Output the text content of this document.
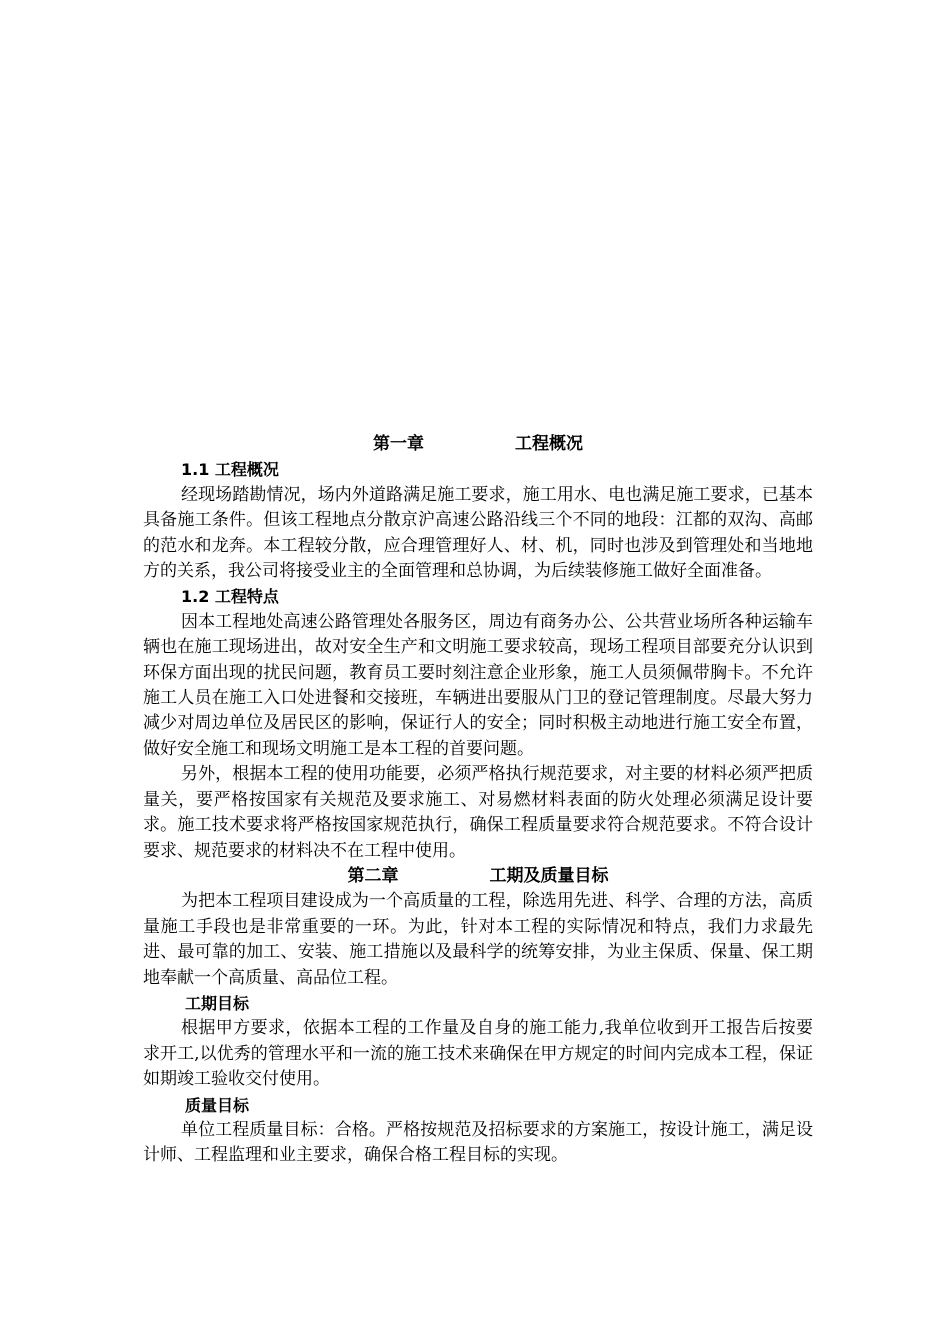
第一章		工程概况
1.1 工程概况

经现场踏勘情况，场内外道路满足施工要求，施工用水、电也满足施工要求，已基本具备施工条件。但该工程地点分散京沪高速公路沿线三个不同的地段：江都的双沟、高邮的范水和龙奔。本工程较分散，应合理管理好人、材、机，同时也涉及到管理处和当地地方的关系，我公司将接受业主的全面管理和总协调，为后续装修施工做好全面准备。

1.2 工程特点

因本工程地处高速公路管理处各服务区，周边有商务办公、公共营业场所各种运输车辆也在施工现场进出，故对安全生产和文明施工要求较高，现场工程项目部要充分认识到环保方面出现的扰民问题，教育员工要时刻注意企业形象，施工人员须佩带胸卡。不允许施工人员在施工入口处进餐和交接班，车辆进出要服从门卫的登记管理制度。尽最大努力减少对周边单位及居民区的影响，保证行人的安全；同时积极主动地进行施工安全布置，做好安全施工和现场文明施工是本工程的首要问题。

另外，根据本工程的使用功能要，必须严格执行规范要求，对主要的材料必须严把质量关，要严格按国家有关规范及要求施工、对易燃材料表面的防火处理必须满足设计要求。施工技术要求将严格按国家规范执行，确保工程质量要求符合规范要求。不符合设计要求、规范要求的材料决不在工程中使用。

第二章		工期及质量目标

为把本工程项目建设成为一个高质量的工程，除选用先进、科学、合理的方法，高质量施工手段也是非常重要的一环。为此，针对本工程的实际情况和特点，我们力求最先进、最可靠的加工、安装、施工措施以及最科学的统筹安排，为业主保质、保量、保工期地奉献一个高质量、高品位工程。

工期目标

根据甲方要求，依据本工程的工作量及自身的施工能力,我单位收到开工报告后按要求开工,以优秀的管理水平和一流的施工技术来确保在甲方规定的时间内完成本工程，保证如期竣工验收交付使用。

质量目标

单位工程质量目标：合格。严格按规范及招标要求的方案施工，按设计施工，满足设计师、工程监理和业主要求，确保合格工程目标的实现。
